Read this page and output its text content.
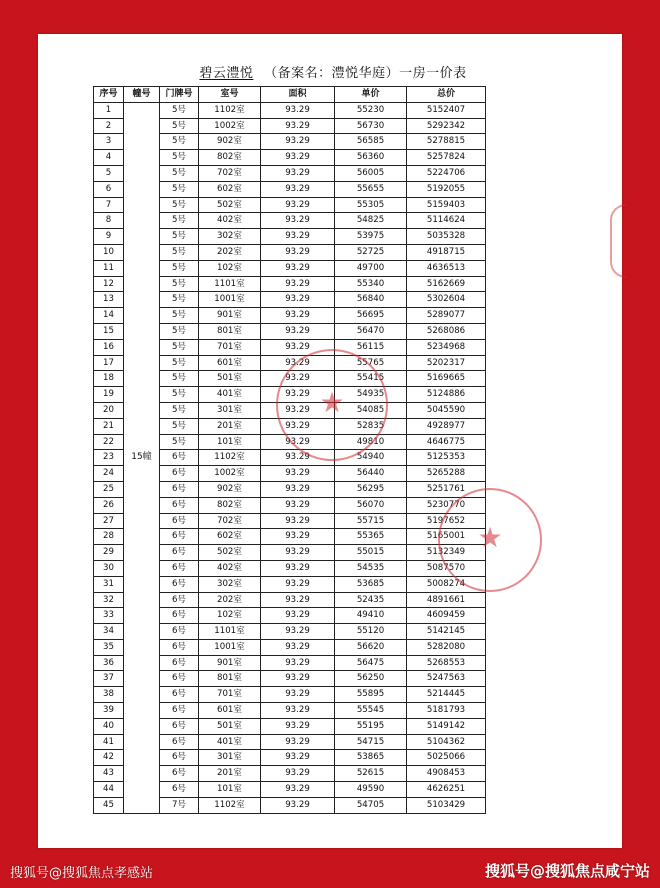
碧云澧悦 （备案名：澧悦华庭）一房一价表
序号	幢号	门牌号	室号	面积	单价	总价
1	15幢	5号	1102室	93.29	55230	5152407
2		5号	1002室	93.29	56730	5292342
3		5号	902室	93.29	56585	5278815
4		5号	802室	93.29	56360	5257824
5		5号	702室	93.29	56005	5224706
6		5号	602室	93.29	55655	5192055
7		5号	502室	93.29	55305	5159403
8		5号	402室	93.29	54825	5114624
9		5号	302室	93.29	53975	5035328
10		5号	202室	93.29	52725	4918715
11		5号	102室	93.29	49700	4636513
12		5号	1101室	93.29	55340	5162669
13		5号	1001室	93.29	56840	5302604
14		5号	901室	93.29	56695	5289077
15		5号	801室	93.29	56470	5268086
16		5号	701室	93.29	56115	5234968
17		5号	601室	93.29	55765	5202317
18		5号	501室	93.29	55415	5169665
19		5号	401室	93.29	54935	5124886
20		5号	301室	93.29	54085	5045590
21		5号	201室	93.29	52835	4928977
22		5号	101室	93.29	49810	4646775
23		6号	1102室	93.29	54940	5125353
24		6号	1002室	93.29	56440	5265288
25		6号	902室	93.29	56295	5251761
26		6号	802室	93.29	56070	5230770
27		6号	702室	93.29	55715	5197652
28		6号	602室	93.29	55365	5165001
29		6号	502室	93.29	55015	5132349
30		6号	402室	93.29	54535	5087570
31		6号	302室	93.29	53685	5008274
32		6号	202室	93.29	52435	4891661
33		6号	102室	93.29	49410	4609459
34		6号	1101室	93.29	55120	5142145
35		6号	1001室	93.29	56620	5282080
36		6号	901室	93.29	56475	5268553
37		6号	801室	93.29	56250	5247563
38		6号	701室	93.29	55895	5214445
39		6号	601室	93.29	55545	5181793
40		6号	501室	93.29	55195	5149142
41		6号	401室	93.29	54715	5104362
42		6号	301室	93.29	53865	5025066
43		6号	201室	93.29	52615	4908453
44		6号	101室	93.29	49590	4626251
45		7号	1102室	93.29	54705	5103429
★
★
搜狐号@搜狐焦点孝感站	搜狐号@搜狐焦点咸宁站
